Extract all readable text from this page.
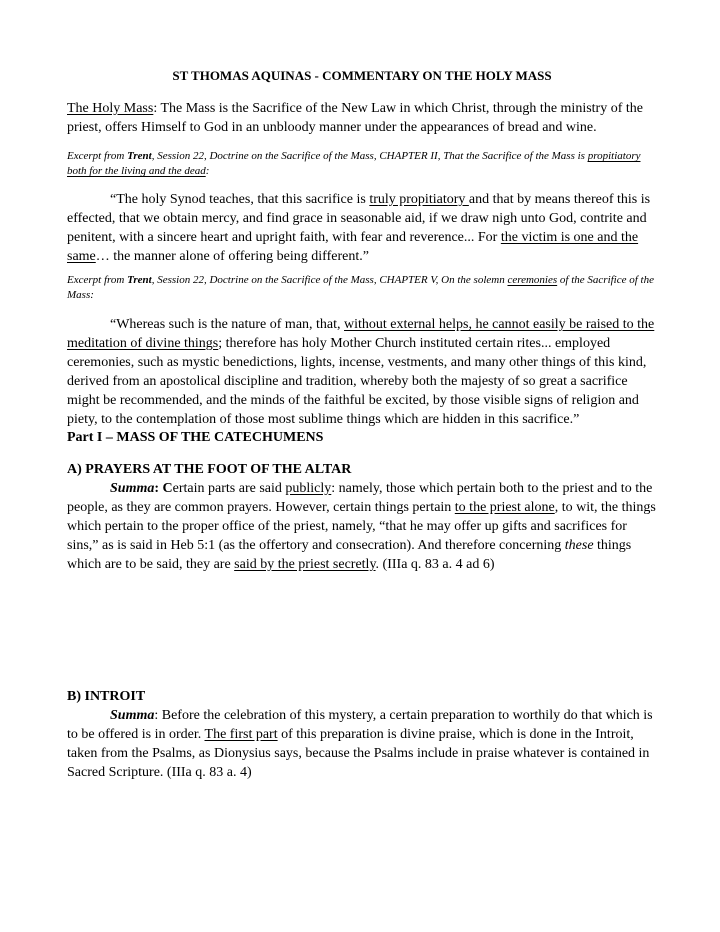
ST THOMAS AQUINAS - COMMENTARY ON THE HOLY MASS
The Holy Mass: The Mass is the Sacrifice of the New Law in which Christ, through the ministry of the priest, offers Himself to God in an unbloody manner under the appearances of bread and wine.
Excerpt from Trent, Session 22, Doctrine on the Sacrifice of the Mass, CHAPTER II, That the Sacrifice of the Mass is propitiatory both for the living and the dead:
“The holy Synod teaches, that this sacrifice is truly propitiatory and that by means thereof this is effected, that we obtain mercy, and find grace in seasonable aid, if we draw nigh unto God, contrite and penitent, with a sincere heart and upright faith, with fear and reverence... For the victim is one and the same… the manner alone of offering being different.”
Excerpt from Trent, Session 22, Doctrine on the Sacrifice of the Mass, CHAPTER V, On the solemn ceremonies of the Sacrifice of the Mass:
“Whereas such is the nature of man, that, without external helps, he cannot easily be raised to the meditation of divine things; therefore has holy Mother Church instituted certain rites... employed ceremonies, such as mystic benedictions, lights, incense, vestments, and many other things of this kind, derived from an apostolical discipline and tradition, whereby both the majesty of so great a sacrifice might be recommended, and the minds of the faithful be excited, by those visible signs of religion and piety, to the contemplation of those most sublime things which are hidden in this sacrifice.”
Part I – MASS OF THE CATECHUMENS
A) PRAYERS AT THE FOOT OF THE ALTAR
Summa: Certain parts are said publicly: namely, those which pertain both to the priest and to the people, as they are common prayers. However, certain things pertain to the priest alone, to wit, the things which pertain to the proper office of the priest, namely, “that he may offer up gifts and sacrifices for sins,” as is said in Heb 5:1 (as the offertory and consecration). And therefore concerning these things which are to be said, they are said by the priest secretly. (IIIa q. 83 a. 4 ad 6)
B) INTROIT
Summa: Before the celebration of this mystery, a certain preparation to worthily do that which is to be offered is in order. The first part of this preparation is divine praise, which is done in the Introit, taken from the Psalms, as Dionysius says, because the Psalms include in praise whatever is contained in Sacred Scripture. (IIIa q. 83 a. 4)
